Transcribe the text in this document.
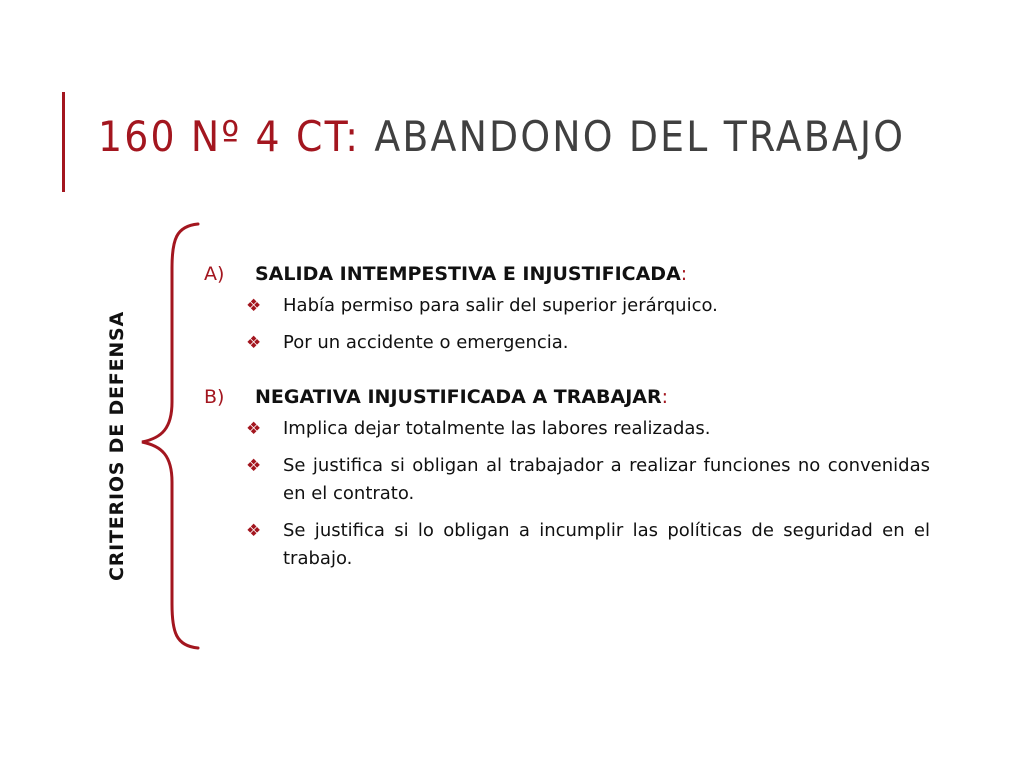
160 Nº 4 CT: ABANDONO DEL TRABAJO
CRITERIOS DE DEFENSA
A) SALIDA INTEMPESTIVA E INJUSTIFICADA:
❖ Había permiso para salir del superior jerárquico.
❖ Por un accidente o emergencia.
B) NEGATIVA INJUSTIFICADA A TRABAJAR:
❖ Implica dejar totalmente las labores realizadas.
❖ Se justifica si obligan al trabajador a realizar funciones no convenidas en el contrato.
❖ Se justifica si lo obligan a incumplir las políticas de seguridad en el trabajo.
